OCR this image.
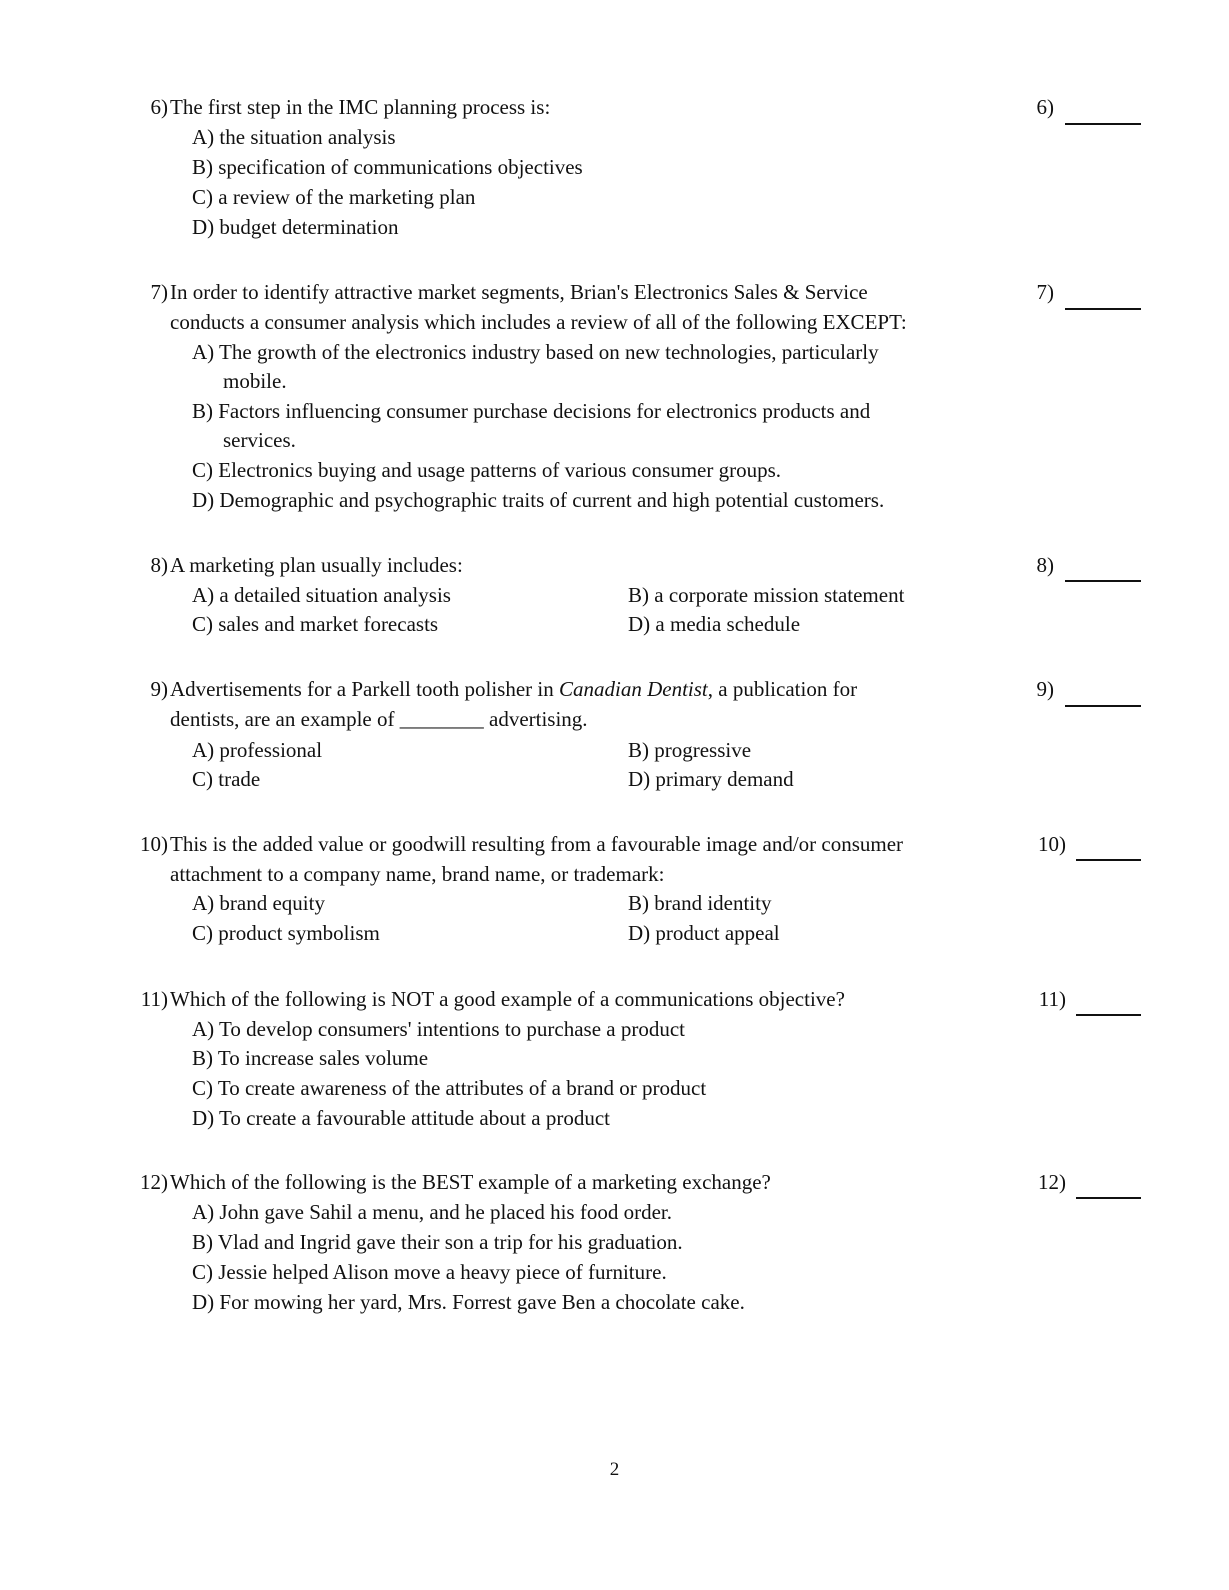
6) The first step in the IMC planning process is:
A) the situation analysis
B) specification of communications objectives
C) a review of the marketing plan
D) budget determination
6)
7) In order to identify attractive market segments, Brian's Electronics Sales & Service
conducts a consumer analysis which includes a review of all of the following EXCEPT:
A) The growth of the electronics industry based on new technologies, particularly
mobile.
B) Factors influencing consumer purchase decisions for electronics products and
services.
C) Electronics buying and usage patterns of various consumer groups.
D) Demographic and psychographic traits of current and high potential customers.
7)
8) A marketing plan usually includes:
A) a detailed situation analysis	B) a corporate mission statement
C) sales and market forecasts	D) a media schedule
8)
9) Advertisements for a Parkell tooth polisher in Canadian Dentist, a publication for
dentists, are an example of ________ advertising.
A) professional	B) progressive
C) trade	D) primary demand
9)
10) This is the added value or goodwill resulting from a favourable image and/or consumer
attachment to a company name, brand name, or trademark:
A) brand equity	B) brand identity
C) product symbolism	D) product appeal
10)
11) Which of the following is NOT a good example of a communications objective?
A) To develop consumers' intentions to purchase a product
B) To increase sales volume
C) To create awareness of the attributes of a brand or product
D) To create a favourable attitude about a product
11)
12) Which of the following is the BEST example of a marketing exchange?
A) John gave Sahil a menu, and he placed his food order.
B) Vlad and Ingrid gave their son a trip for his graduation.
C) Jessie helped Alison move a heavy piece of furniture.
D) For mowing her yard, Mrs. Forrest gave Ben a chocolate cake.
12)
2
